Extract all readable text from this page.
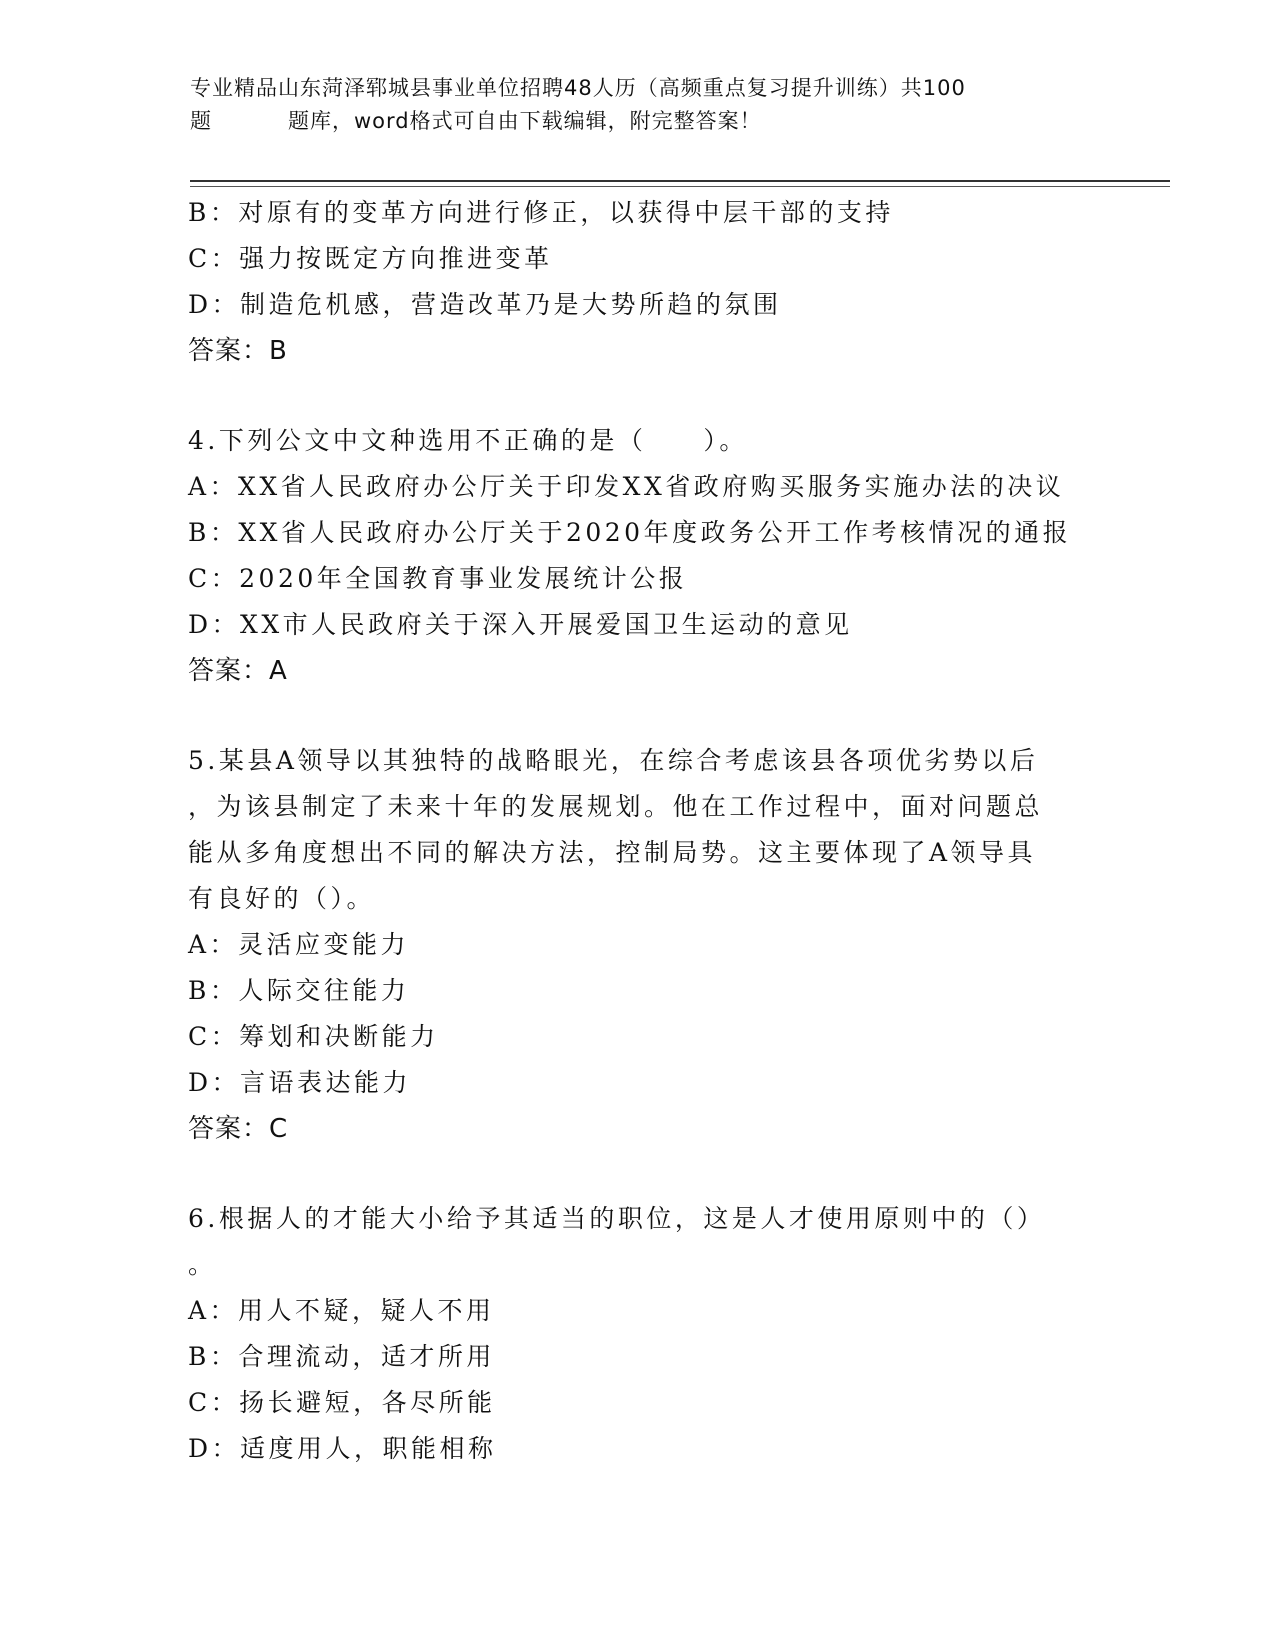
专业精品山东菏泽郓城县事业单位招聘48人历（高频重点复习提升训练）共100
题	题库，word格式可自由下载编辑，附完整答案！
B：对原有的变革方向进行修正，以获得中层干部的支持
C：强力按既定方向推进变革
D：制造危机感，营造改革乃是大势所趋的氛围
答案：B
4.下列公文中文种选用不正确的是（　　）。
A：XX省人民政府办公厅关于印发XX省政府购买服务实施办法的决议
B：XX省人民政府办公厅关于2020年度政务公开工作考核情况的通报
C：2020年全国教育事业发展统计公报
D：XX市人民政府关于深入开展爱国卫生运动的意见
答案：A
5.某县A领导以其独特的战略眼光，在综合考虑该县各项优劣势以后
，为该县制定了未来十年的发展规划。他在工作过程中，面对问题总
能从多角度想出不同的解决方法，控制局势。这主要体现了A领导具
有良好的（）。
A：灵活应变能力
B：人际交往能力
C：筹划和决断能力
D：言语表达能力
答案：C
6.根据人的才能大小给予其适当的职位，这是人才使用原则中的（）
。
A：用人不疑，疑人不用
B：合理流动，适才所用
C：扬长避短，各尽所能
D：适度用人，职能相称
